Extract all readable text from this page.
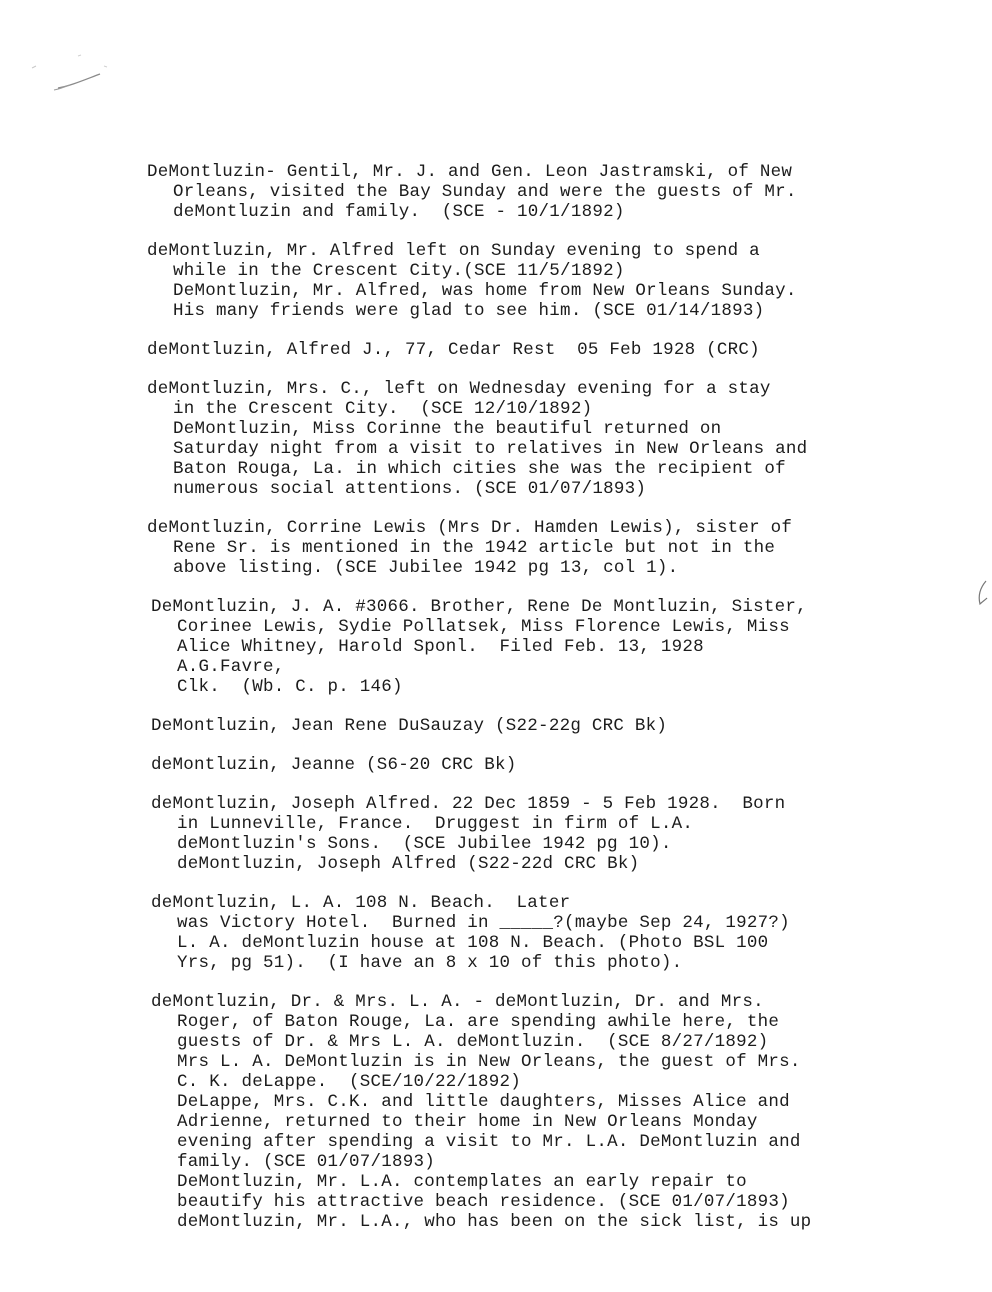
DeMontluzin- Gentil, Mr. J. and Gen. Leon Jastramski, of New
Orleans, visited the Bay Sunday and were the guests of Mr.
deMontluzin and family.  (SCE - 10/1/1892)
deMontluzin, Mr. Alfred left on Sunday evening to spend a
while in the Crescent City.(SCE 11/5/1892)
DeMontluzin, Mr. Alfred, was home from New Orleans Sunday.
His many friends were glad to see him. (SCE 01/14/1893)
deMontluzin, Alfred J., 77, Cedar Rest  05 Feb 1928 (CRC)
deMontluzin, Mrs. C., left on Wednesday evening for a stay
in the Crescent City.  (SCE 12/10/1892)
DeMontluzin, Miss Corinne the beautiful returned on
Saturday night from a visit to relatives in New Orleans and
Baton Rouga, La. in which cities she was the recipient of
numerous social attentions. (SCE 01/07/1893)
deMontluzin, Corrine Lewis (Mrs Dr. Hamden Lewis), sister of
Rene Sr. is mentioned in the 1942 article but not in the
above listing. (SCE Jubilee 1942 pg 13, col 1).
DeMontluzin, J. A. #3066. Brother, Rene De Montluzin, Sister,
Corinee Lewis, Sydie Pollatsek, Miss Florence Lewis, Miss
Alice Whitney, Harold Sponl.  Filed Feb. 13, 1928
A.G.Favre,
Clk.  (Wb. C. p. 146)
DeMontluzin, Jean Rene DuSauzay (S22-22g CRC Bk)
deMontluzin, Jeanne (S6-20 CRC Bk)
deMontluzin, Joseph Alfred. 22 Dec 1859 - 5 Feb 1928.  Born
in Lunneville, France.  Druggest in firm of L.A.
deMontluzin's Sons.  (SCE Jubilee 1942 pg 10).
deMontluzin, Joseph Alfred (S22-22d CRC Bk)
deMontluzin, L. A. 108 N. Beach.  Later
was Victory Hotel.  Burned in _____?(maybe Sep 24, 1927?)
L. A. deMontluzin house at 108 N. Beach. (Photo BSL 100
Yrs, pg 51).  (I have an 8 x 10 of this photo).
deMontluzin, Dr. & Mrs. L. A. - deMontluzin, Dr. and Mrs.
Roger, of Baton Rouge, La. are spending awhile here, the
guests of Dr. & Mrs L. A. deMontluzin.  (SCE 8/27/1892)
Mrs L. A. DeMontluzin is in New Orleans, the guest of Mrs.
C. K. deLappe.  (SCE/10/22/1892)
DeLappe, Mrs. C.K. and little daughters, Misses Alice and
Adrienne, returned to their home in New Orleans Monday
evening after spending a visit to Mr. L.A. DeMontluzin and
family. (SCE 01/07/1893)
DeMontluzin, Mr. L.A. contemplates an early repair to
beautify his attractive beach residence. (SCE 01/07/1893)
deMontluzin, Mr. L.A., who has been on the sick list, is up
